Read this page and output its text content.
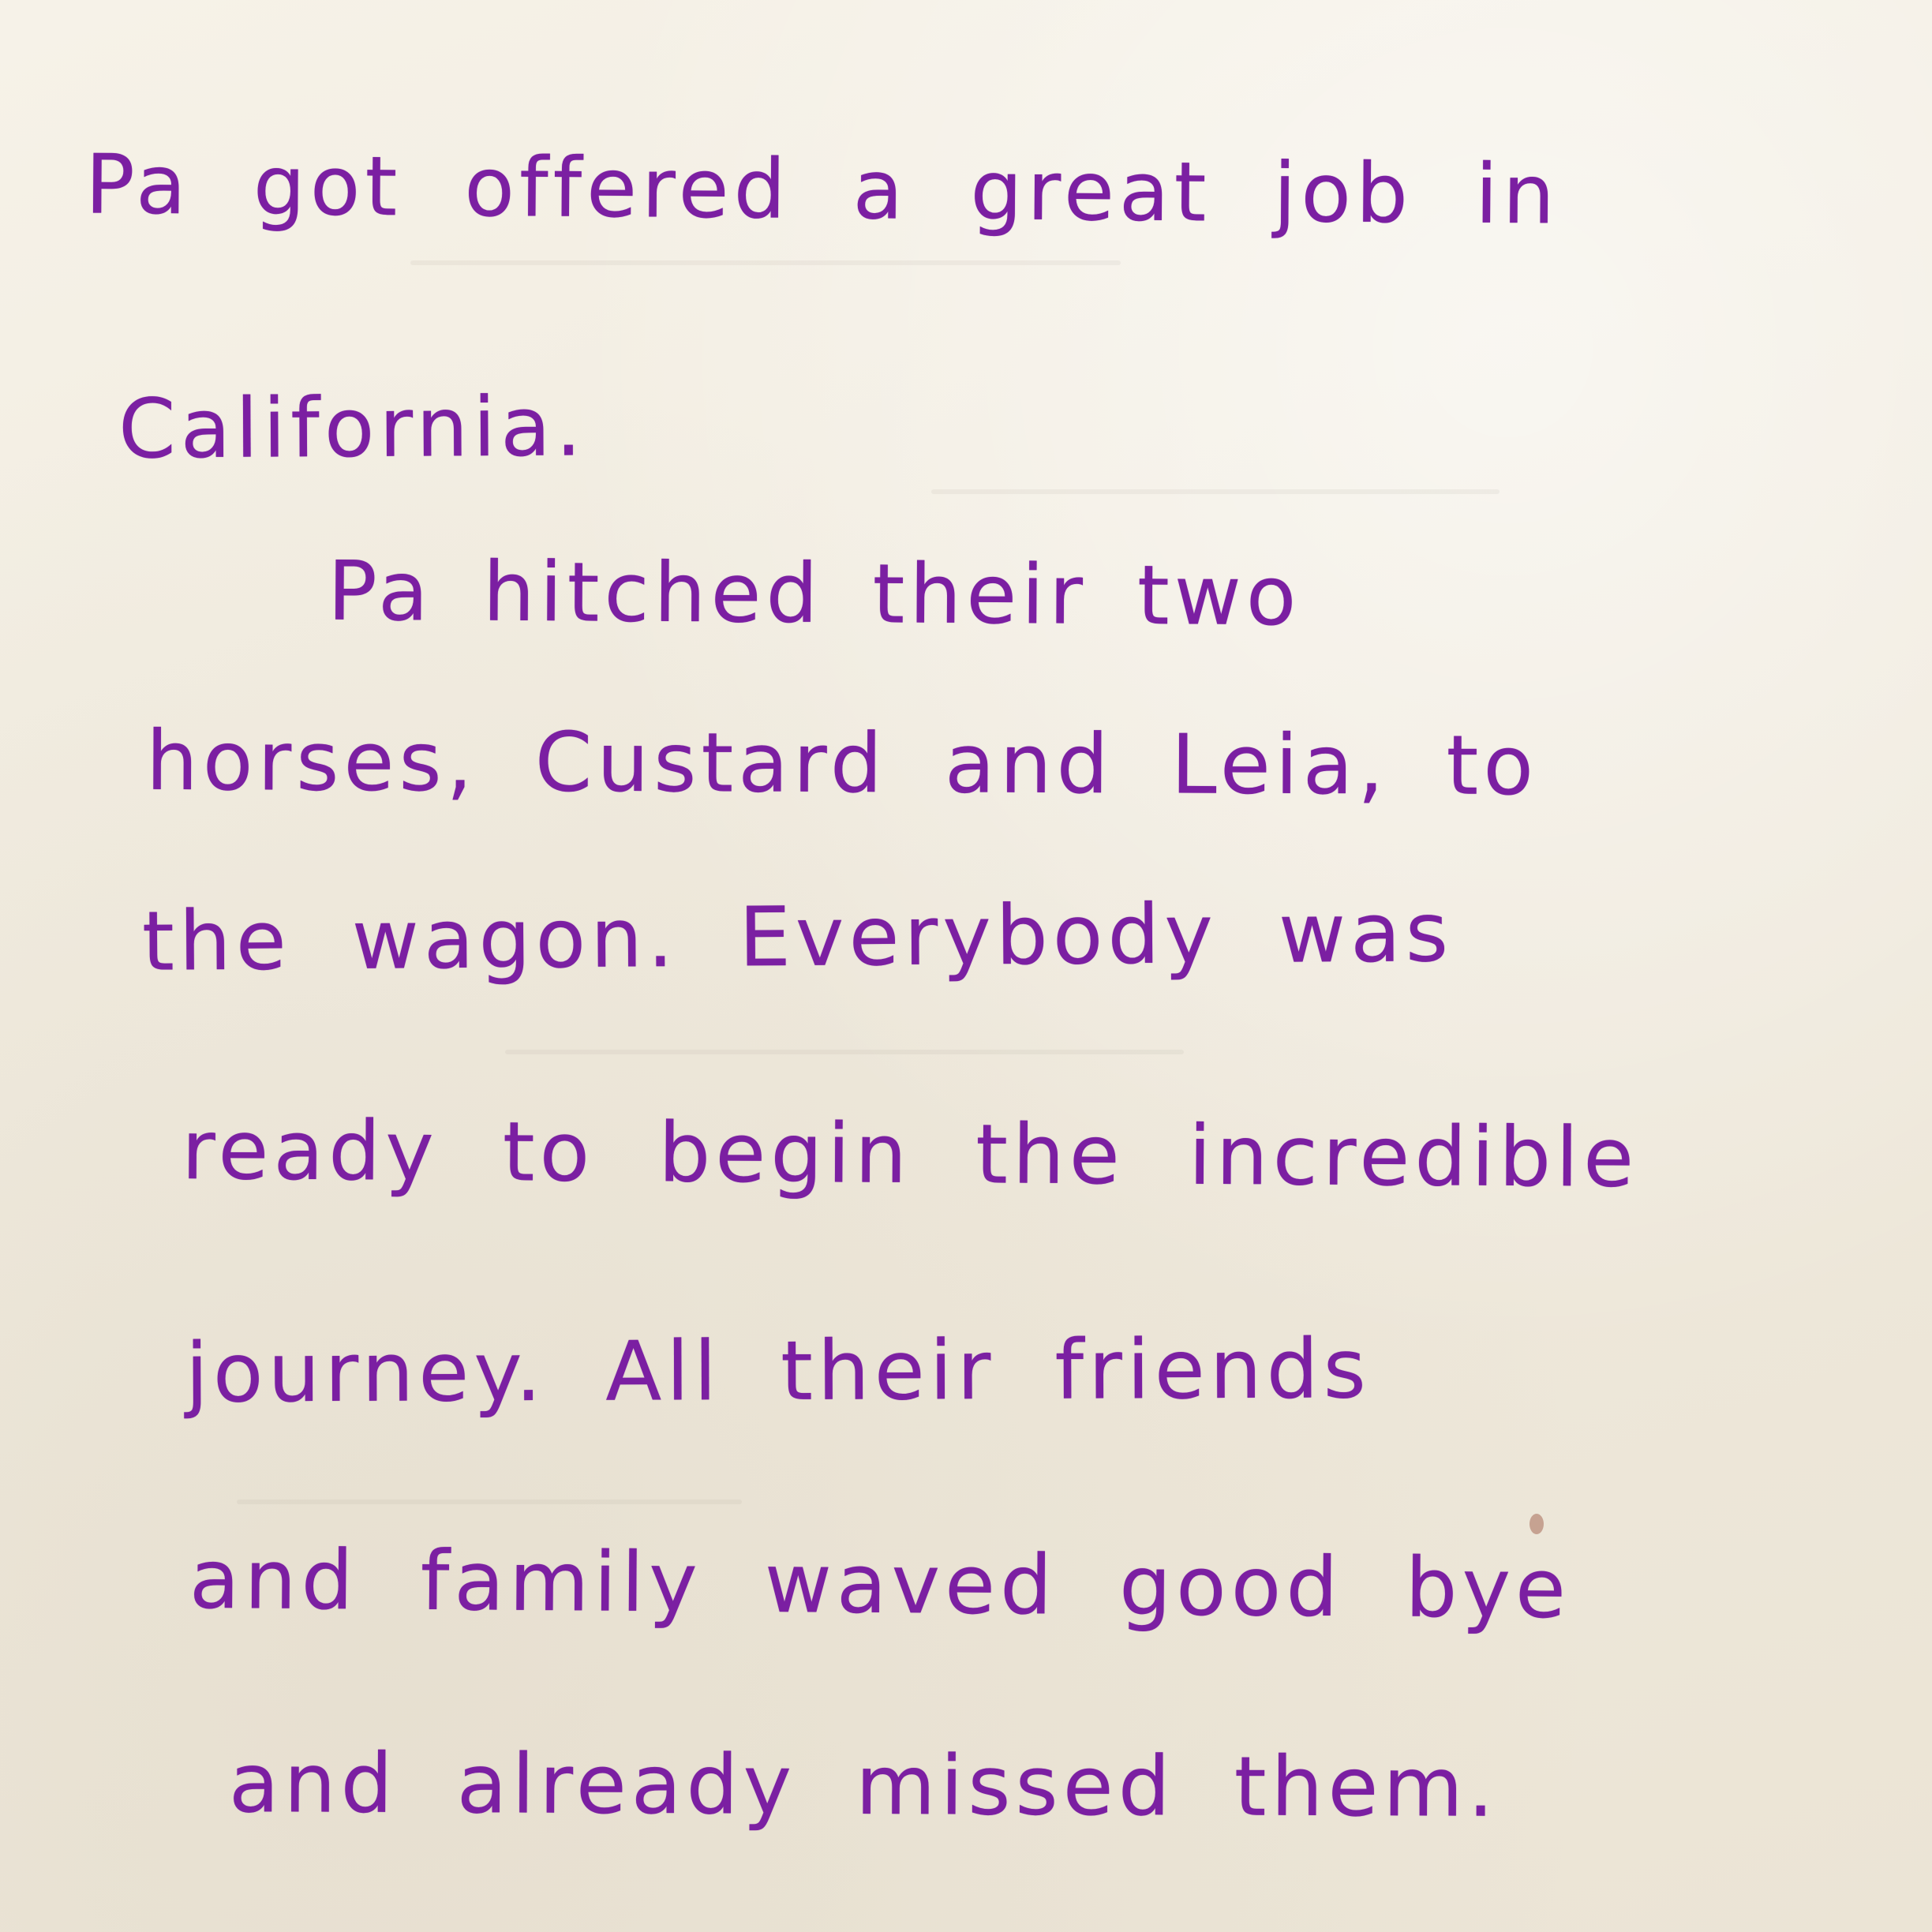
Pa got offered a great job in

California.

Pa hitched their two

horses, Custard and Leia, to

the wagon. Everybody was

ready to begin the incredible

journey. All their friends

and family waved good bye

and already missed them.
